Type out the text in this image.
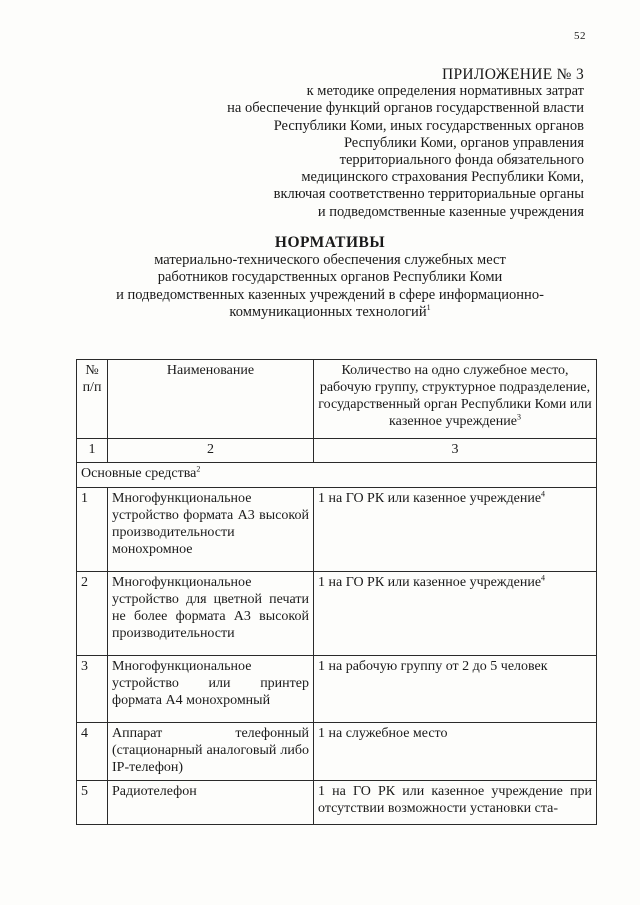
52
ПРИЛОЖЕНИЕ № 3
к методике определения нормативных затрат
на обеспечение функций органов государственной власти
Республики Коми, иных государственных органов
Республики Коми, органов управления
территориального фонда обязательного
медицинского страхования Республики Коми,
включая соответственно территориальные органы
и подведомственные казенные учреждения
НОРМАТИВЫ
материально-технического обеспечения служебных мест
работников государственных органов Республики Коми
и подведомственных казенных учреждений в сфере информационно-
коммуникационных технологий$^1$
№ п/п	Наименование	Количество на одно служебное место, рабочую группу, структурное подразделение, государственный орган Республики Коми или казенное учреждение$^3$
1	2	3
Основные средства$^2$
1	Многофункциональное устройство формата А3 высокой производительности монохромное	1 на ГО РК или казенное учреждение$^4$
2	Многофункциональное устройство для цветной печати не более формата А3 высокой производительности	1 на ГО РК или казенное учреждение$^4$
3	Многофункциональное устройство или принтер формата А4 монохромный	1 на рабочую группу от 2 до 5 человек
4	Аппарат телефонный (стационарный аналоговый либо IP-телефон)	1 на служебное место
5	Радиотелефон	1 на ГО РК или казенное учреждение при отсутствии возможности установки ста-
